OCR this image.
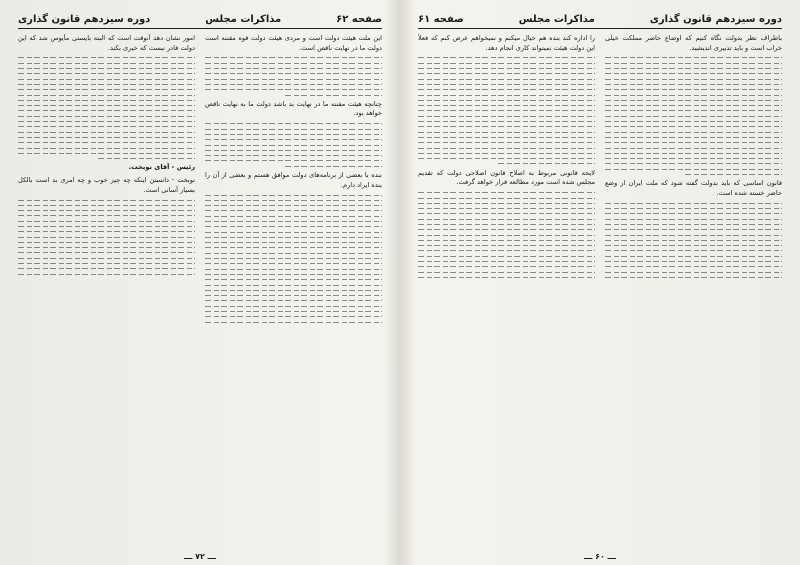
صفحه ۶۲
مذاکرات مجلس
دوره سیزدهم قانون گذاری

این ملت هیئت دولت است و مردی هیئت دولت قوه مقننه است دولت ما در نهایت ناقص است.

چنانچه هیئت مقننه ما در نهایت بد باشد دولت ما به نهایت ناقص خواهد بود.

بنده با بعضی از برنامه‌های دولت موافق هستم و بعضی از آن را بنده ایراد دارم.

امور نشان دهد آنوقت است که البته بایستی مأیوس شد که این دولت قادر نیست که خیری بکند.

رئیس - آقای نوبخت.

نوبخت - دانستن اینکه چه چیز خوب و چه امری بد است بالکل بسیار آسانی است.

ـــ ۷۲ ـــ
دوره سیزدهم قانون گذاری
مذاکرات مجلس
صفحه ۶۱

باطراف نظر بدولت نگاه کنیم که اوضاع حاضر مملکت خیلی خراب است و باید تدبیری اندیشید.

قانون اساسی که باید بدولت گفته شود که ملت ایران از وضع حاضر خسته شده است.

را اداره کند بنده هم خیال میکنم و نمیخواهم عرض کنم که فعلاً این دولت هیئت نمیتواند کاری انجام دهد.

لایحه قانونی مربوط به اصلاح قانون اصلاحی دولت که تقدیم مجلس شده است مورد مطالعه قرار خواهد گرفت.

ـــ ۶۰ ـــ
